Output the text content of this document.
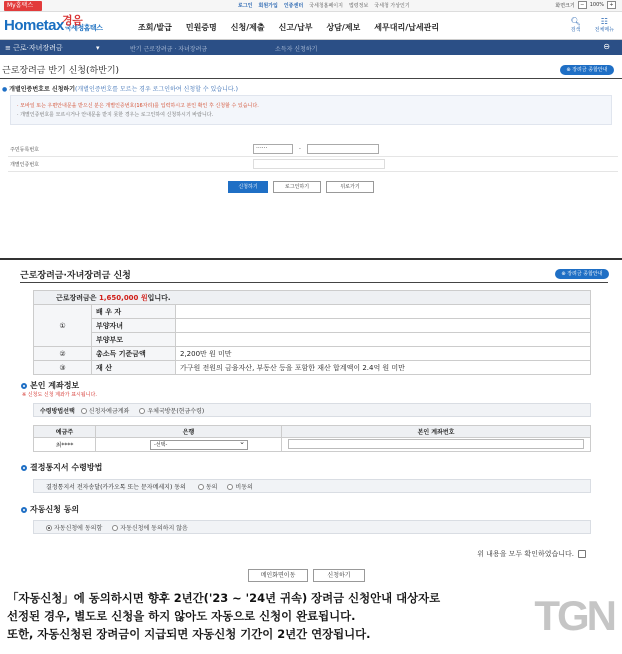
My홈택스	로그인 회원가입 인증센터 국세청홈페이지 법령정보 국세청 가상인기	화면크기	−	100%	+
Hometax국세청홈택스
경음
조회/발급 민원증명 신청/제출 신고/납부 상담/제보 세무대리/납세관리
🔍︎
검색
☷
전체메뉴
≡ 근로·자녀장려금               ▾	반기 근로장려금 · 자녀장려금	소득자 신청하기	⊖
근로장려금 반기 신청(하반기)	⊕ 장려금 종합안내
● 개별인증번호로 신청하기(개별인증번호를 모르는 경우 로그인하여 신청할 수 있습니다.)
· 모바일 또는 우편안내문을 받으신 분은 개별인증번호(16자리)를 입력하시고 본인 확인 후 신청할 수 있습니다.
· 개별인증번호를 모르시거나 안내문을 받지 못한 경우는 로그인하여 신청하시기 바랍니다.
주민등록번호	······	-
개별인증번호
신청하기	로그인하기	뒤로가기
근로장려금·자녀장려금 신청	⊕ 장려금 종합안내
근로장려금은 1,650,000 원입니다.		
①	배 우 자	
	부양자녀	
	부양부모	
②	총소득 기준금액	2,200만 원 미만
③	재 산	가구원 전원의 금융자산, 부동산 등을 포함한 재산 합계액이 2.4억 원 미만
본인 계좌정보
※ 신청도 신청 계좌가 표시됩니다.
수령방법선택	신청자예금계좌	우체국방문(현금수령)
예금주	은행	본인 계좌번호
최****	-선택- ⌄	
결정통지서 수령방법
결정통지서 전자송달(카카오톡 또는 문자메세지) 동의	동의	비동의
자동신청 동의
자동신청에 동의함	자동신청에 동의하지 않음
위 내용을 모두 확인하였습니다.
메인화면이동	신청하기
「자동신청」에 동의하시면 향후 2년간('23 ~ '24년 귀속) 장려금 신청안내 대상자로
선정된 경우, 별도로 신청을 하지 않아도 자동으로 신청이 완료됩니다.
또한, 자동신청된 장려금이 지급되면 자동신청 기간이 2년간 연장됩니다.	TGN
